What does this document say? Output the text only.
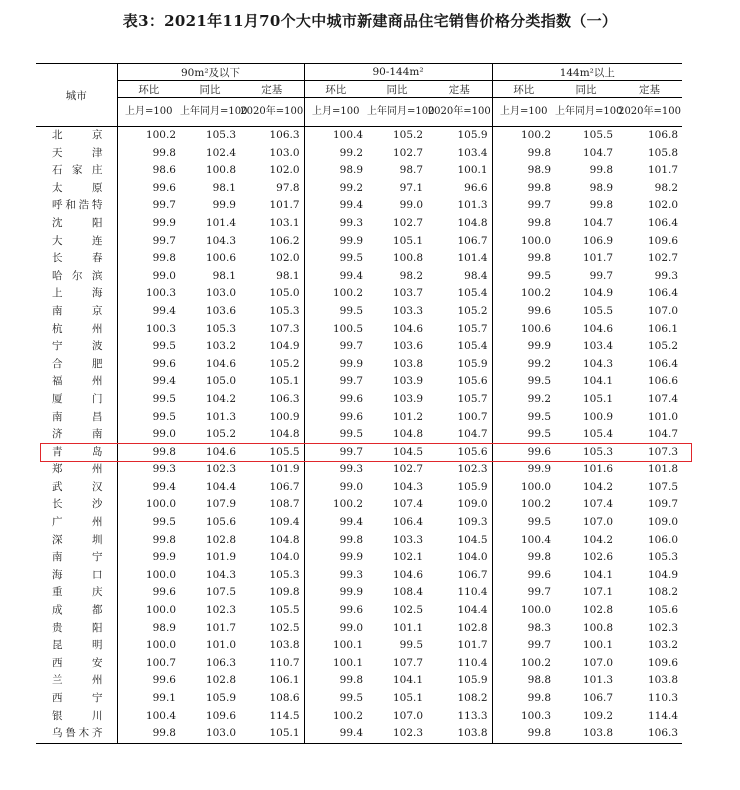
表3：2021年11月70个大中城市新建商品住宅销售价格分类指数（一）
城市	90m²及以下			90-144m²			144m²以上		
	环比	同比	定基	环比	同比	定基	环比	同比	定基
	上月=100	上年同月=100	2020年=100	上月=100	上年同月=100	2020年=100	上月=100	上年同月=100	2020年=100
北京	100.2	105.3	106.3	100.4	105.2	105.9	100.2	105.5	106.8
天津	99.8	102.4	103.0	99.2	102.7	103.4	99.8	104.7	105.8
石家庄	98.6	100.8	102.0	98.9	98.7	100.1	98.9	99.8	101.7
太原	99.6	98.1	97.8	99.2	97.1	96.6	99.8	98.9	98.2
呼和浩特	99.7	99.9	101.7	99.4	99.0	101.3	99.7	99.8	102.0
沈阳	99.9	101.4	103.1	99.3	102.7	104.8	99.8	104.7	106.4
大连	99.7	104.3	106.2	99.9	105.1	106.7	100.0	106.9	109.6
长春	99.8	100.6	102.0	99.5	100.8	101.4	99.8	101.7	102.7
哈尔滨	99.0	98.1	98.1	99.4	98.2	98.4	99.5	99.7	99.3
上海	100.3	103.0	105.0	100.2	103.7	105.4	100.2	104.9	106.4
南京	99.4	103.6	105.3	99.5	103.3	105.2	99.6	105.5	107.0
杭州	100.3	105.3	107.3	100.5	104.6	105.7	100.6	104.6	106.1
宁波	99.5	103.2	104.9	99.7	103.6	105.4	99.9	103.4	105.2
合肥	99.6	104.6	105.2	99.9	103.8	105.9	99.2	104.3	106.4
福州	99.4	105.0	105.1	99.7	103.9	105.6	99.5	104.1	106.6
厦门	99.5	104.2	106.3	99.6	103.9	105.7	99.2	105.1	107.4
南昌	99.5	101.3	100.9	99.6	101.2	100.7	99.5	100.9	101.0
济南	99.0	105.2	104.8	99.5	104.8	104.7	99.5	105.4	104.7
青岛	99.8	104.6	105.5	99.7	104.5	105.6	99.6	105.3	107.3
郑州	99.3	102.3	101.9	99.3	102.7	102.3	99.9	101.6	101.8
武汉	99.4	104.4	106.7	99.0	104.3	105.9	100.0	104.2	107.5
长沙	100.0	107.9	108.7	100.2	107.4	109.0	100.2	107.4	109.7
广州	99.5	105.6	109.4	99.4	106.4	109.3	99.5	107.0	109.0
深圳	99.8	102.8	104.8	99.8	103.3	104.5	100.4	104.2	106.0
南宁	99.9	101.9	104.0	99.9	102.1	104.0	99.8	102.6	105.3
海口	100.0	104.3	105.3	99.3	104.6	106.7	99.6	104.1	104.9
重庆	99.6	107.5	109.8	99.9	108.4	110.4	99.7	107.1	108.2
成都	100.0	102.3	105.5	99.6	102.5	104.4	100.0	102.8	105.6
贵阳	98.9	101.7	102.5	99.0	101.1	102.8	98.3	100.8	102.3
昆明	100.0	101.0	103.8	100.1	99.5	101.7	99.7	100.1	103.2
西安	100.7	106.3	110.7	100.1	107.7	110.4	100.2	107.0	109.6
兰州	99.6	102.8	106.1	99.8	104.1	105.9	98.8	101.3	103.8
西宁	99.1	105.9	108.6	99.5	105.1	108.2	99.8	106.7	110.3
银川	100.4	109.6	114.5	100.2	107.0	113.3	100.3	109.2	114.4
乌鲁木齐	99.8	103.0	105.1	99.4	102.3	103.8	99.8	103.8	106.3
